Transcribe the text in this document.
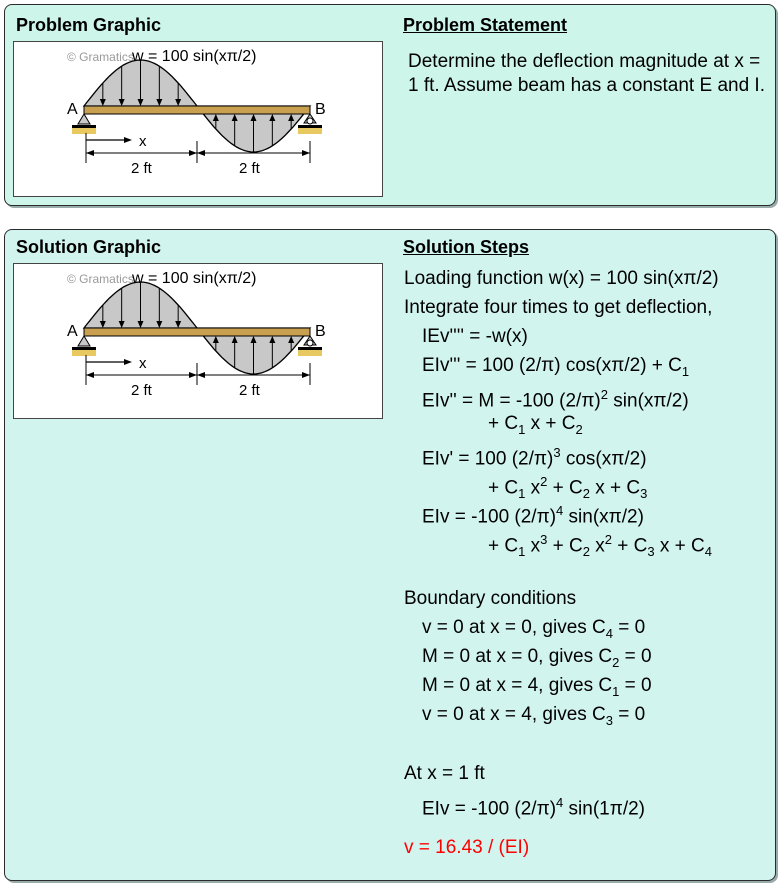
Problem Graphic	Problem Statement
A	B
© Gramatics
w = 100 sin(xπ/2)
x
2 ft	2 ft

Determine the deflection magnitude at x = 1 ft. Assume beam has a constant E and I.

Solution Graphic	Solution Steps
A	B
© Gramatics
w = 100 sin(xπ/2)
x
2 ft	2 ft
Loading function w(x) = 100 sin(xπ/2)
Integrate four times to get deflection,
IEv'''' = -w(x)
EIv''' = 100 (2/π) $\cos(x\pi/2) + C_1$
EIv'' = M = -100 $(2/\pi)^2$ sin(xπ/2)
+ $C_1$ $x + C_2$
EIv' = 100 $(2/\pi)^3$ cos(xπ/2)
+ $C_1$ $x^2 + C_2$ $x + C_3$
EIv = -100 $(2/\pi)^4$ sin(xπ/2)
+ $C_1$ $x^3 + C_2$ $x^2 + C_3$ $x + C_4$
Boundary conditions
v = 0 at x = 0, gives $C_4 = 0$
M = 0 at x = 0, gives $C_2 = 0$
M = 0 at x = 4, gives $C_1 = 0$
v = 0 at x = 4, gives $C_3 = 0$
At x = 1 ft
EIv = -100 $(2/\pi)^4$ sin(1π/2)
v = 16.43 / (EI)
